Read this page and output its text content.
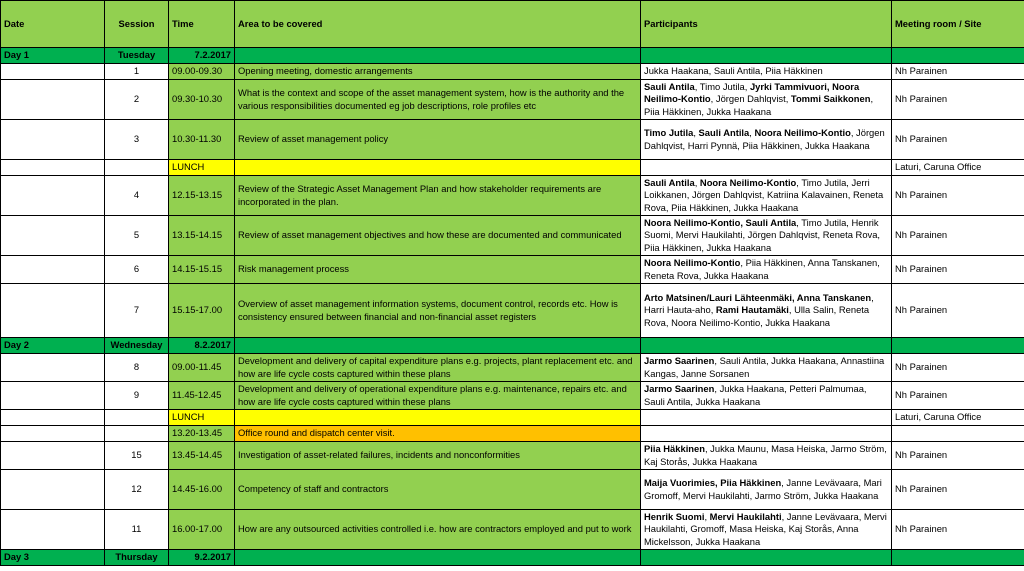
Date	Session	Time	Area to be covered	Participants	Meeting room / Site
Day 1	Tuesday	7.2.2017			
	1	09.00-09.30	Opening meeting, domestic arrangements	Jukka Haakana, Sauli Antila, Piia Häkkinen	Nh Parainen
	2	09.30-10.30	What is the context and scope of the asset management system, how is the authority and the various responsibilities documented eg job descriptions, role profiles etc	Sauli Antila, Timo Jutila, Jyrki Tammivuori, Noora Neilimo-Kontio, Jörgen Dahlqvist, Tommi Saikkonen, Piia Häkkinen, Jukka Haakana	Nh Parainen
	3	10.30-11.30	Review of asset management policy	Timo Jutila, Sauli Antila, Noora Neilimo-Kontio, Jörgen Dahlqvist, Harri Pynnä, Piia Häkkinen, Jukka Haakana	Nh Parainen
		LUNCH			Laturi, Caruna Office
	4	12.15-13.15	Review of the Strategic Asset Management Plan and how stakeholder requirements are incorporated in the plan.	Sauli Antila, Noora Neilimo-Kontio, Timo Jutila, Jerri Loikkanen, Jörgen Dahlqvist, Katriina Kalavainen, Reneta Rova, Piia Häkkinen, Jukka Haakana	Nh Parainen
	5	13.15-14.15	Review of asset management objectives and how these are documented and communicated	Noora Neilimo-Kontio, Sauli Antila, Timo Jutila, Henrik Suomi, Mervi Haukilahti, Jörgen Dahlqvist, Reneta Rova, Piia Häkkinen, Jukka Haakana	Nh Parainen
	6	14.15-15.15	Risk management process	Noora Neilimo-Kontio, Piia Häkkinen, Anna Tanskanen, Reneta Rova, Jukka Haakana	Nh Parainen
	7	15.15-17.00	Overview of asset management information systems, document control, records etc. How is consistency ensured between financial and non-financial asset registers	Arto Matsinen/Lauri Lähteenmäki, Anna Tanskanen, Harri Hauta-aho, Rami Hautamäki, Ulla Salin, Reneta Rova, Noora Neilimo-Kontio, Jukka Haakana	Nh Parainen
Day 2	Wednesday	8.2.2017			
	8	09.00-11.45	Development and delivery of capital expenditure plans e.g. projects, plant replacement etc. and how are life cycle costs captured within these plans	Jarmo Saarinen, Sauli Antila, Jukka Haakana, Annastiina Kangas, Janne Sorsanen	Nh Parainen
	9	11.45-12.45	Development and delivery of operational expenditure plans e.g. maintenance, repairs etc. and how are life cycle costs captured within these plans	Jarmo Saarinen, Jukka Haakana, Petteri Palmumaa, Sauli Antila, Jukka Haakana	Nh Parainen
		LUNCH			Laturi, Caruna Office
		13.20-13.45	Office round and dispatch center visit.		
	15	13.45-14.45	Investigation of asset-related failures, incidents and nonconformities	Piia Häkkinen, Jukka Maunu, Masa Heiska, Jarmo Ström, Kaj Storås, Jukka Haakana	Nh Parainen
	12	14.45-16.00	Competency of staff and contractors	Maija Vuorimies, Piia Häkkinen, Janne Levävaara, Mari Gromoff, Mervi Haukilahti, Jarmo Ström, Jukka Haakana	Nh Parainen
	11	16.00-17.00	How are any outsourced activities controlled i.e. how are contractors employed and put to work	Henrik Suomi, Mervi Haukilahti, Janne Levävaara, Mervi Haukilahti, Gromoff, Masa Heiska, Kaj Storås, Anna Mickelsson, Jukka Haakana	Nh Parainen
Day 3	Thursday	9.2.2017			
